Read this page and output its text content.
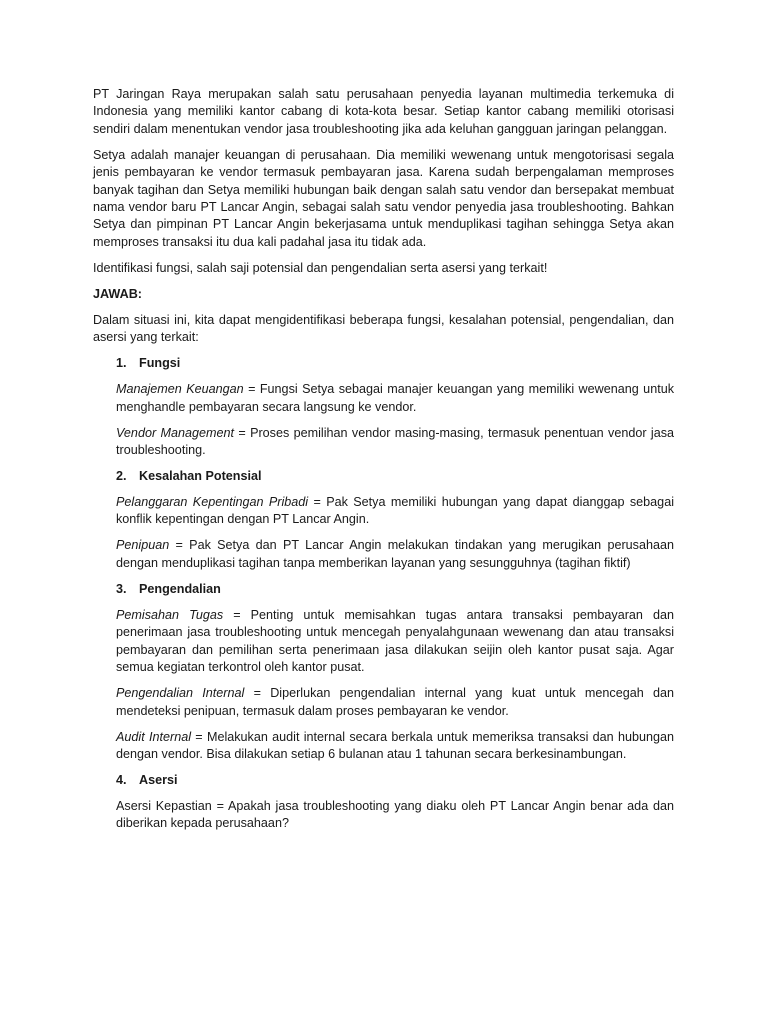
PT Jaringan Raya merupakan salah satu perusahaan penyedia layanan multimedia terkemuka di Indonesia yang memiliki kantor cabang di kota-kota besar. Setiap kantor cabang memiliki otorisasi sendiri dalam menentukan vendor jasa troubleshooting jika ada keluhan gangguan jaringan pelanggan.

Setya adalah manajer keuangan di perusahaan. Dia memiliki wewenang untuk mengotorisasi segala jenis pembayaran ke vendor termasuk pembayaran jasa. Karena sudah berpengalaman memproses banyak tagihan dan Setya memiliki hubungan baik dengan salah satu vendor dan bersepakat membuat nama vendor baru PT Lancar Angin, sebagai salah satu vendor penyedia jasa troubleshooting. Bahkan Setya dan pimpinan PT Lancar Angin bekerjasama untuk menduplikasi tagihan sehingga Setya akan memproses transaksi itu dua kali padahal jasa itu tidak ada.

Identifikasi fungsi, salah saji potensial dan pengendalian serta asersi yang terkait!

JAWAB:

Dalam situasi ini, kita dapat mengidentifikasi beberapa fungsi, kesalahan potensial, pengendalian, dan asersi yang terkait:

1. Fungsi

Manajemen Keuangan = Fungsi Setya sebagai manajer keuangan yang memiliki wewenang untuk menghandle pembayaran secara langsung ke vendor.

Vendor Management = Proses pemilihan vendor masing-masing, termasuk penentuan vendor jasa troubleshooting.

2. Kesalahan Potensial

Pelanggaran Kepentingan Pribadi = Pak Setya memiliki hubungan yang dapat dianggap sebagai konflik kepentingan dengan PT Lancar Angin.

Penipuan = Pak Setya dan PT Lancar Angin melakukan tindakan yang merugikan perusahaan dengan menduplikasi tagihan tanpa memberikan layanan yang sesungguhnya (tagihan fiktif)

3. Pengendalian

Pemisahan Tugas = Penting untuk memisahkan tugas antara transaksi pembayaran dan penerimaan jasa troubleshooting untuk mencegah penyalahgunaan wewenang dan atau transaksi pembayaran dan pemilihan serta penerimaan jasa dilakukan seijin oleh kantor pusat saja. Agar semua kegiatan terkontrol oleh kantor pusat.

Pengendalian Internal = Diperlukan pengendalian internal yang kuat untuk mencegah dan mendeteksi penipuan, termasuk dalam proses pembayaran ke vendor.

Audit Internal = Melakukan audit internal secara berkala untuk memeriksa transaksi dan hubungan dengan vendor. Bisa dilakukan setiap 6 bulanan atau 1 tahunan secara berkesinambungan.

4. Asersi

Asersi Kepastian = Apakah jasa troubleshooting yang diaku oleh PT Lancar Angin benar ada dan diberikan kepada perusahaan?
